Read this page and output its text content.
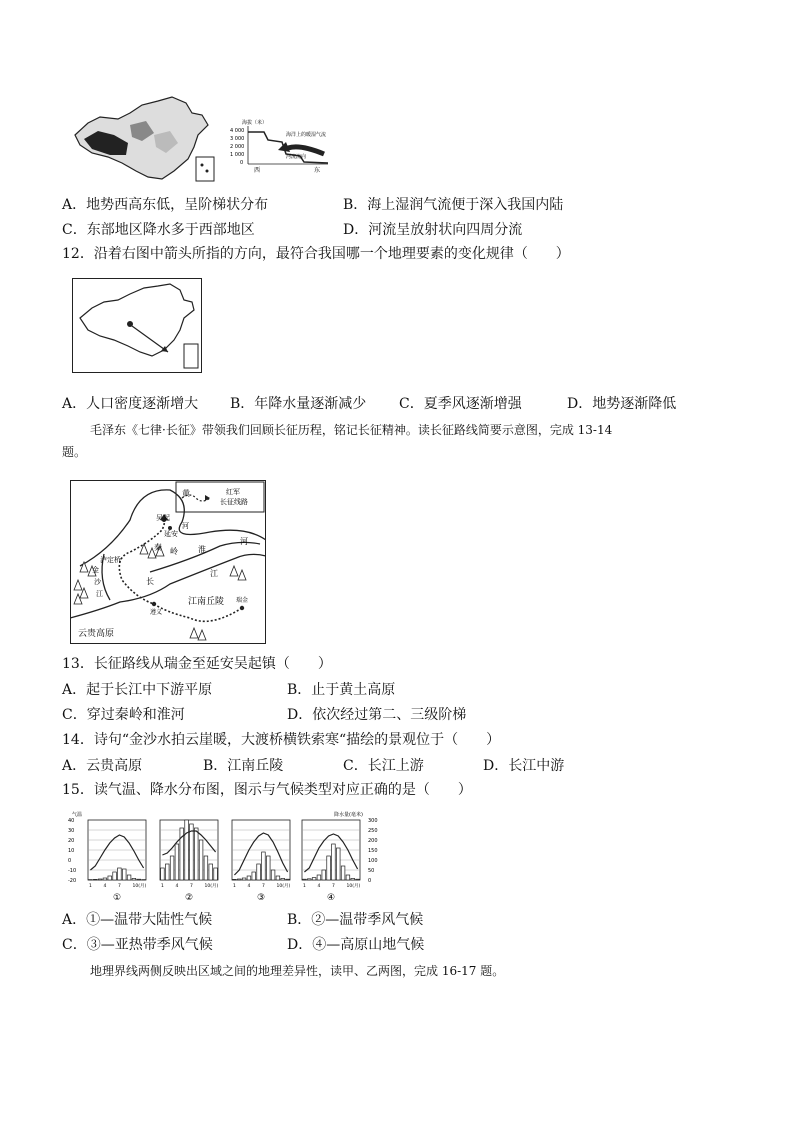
海拔（米）
4 000
3 000
2 000
1 000
0
海洋上的暖湿气流
河流流向
西	东
A．地势西高东低，呈阶梯状分布	B．海上湿润气流便于深入我国内陆
C．东部地区降水多于西部地区	D．河流呈放射状向四周分流
12．沿着右图中箭头所指的方向，最符合我国哪一个地理要素的变化规律（　　）
A．人口密度逐渐增大 B．年降水量逐渐减少 C．夏季风逐渐增强	D．地势逐渐降低
毛泽东《七律·长征》带领我们回顾长征历程，铭记长征精神。读长征路线简要示意图，完成 13-14
题。
红军
长征线路
黄
河
吴起
延安
秦 岭	淮
河
泸定桥
金
沙
江
长
江
江南丘陵
遵义
瑞金
云贵高原
13．长征路线从瑞金至延安吴起镇（　　）
A．起于长江中下游平原	B．止于黄土高原
C．穿过秦岭和淮河	D．依次经过第二、三级阶梯
14．诗句“金沙水拍云崖暖，大渡桥横铁索寒“描绘的景观位于（　　）
A．云贵高原	B．江南丘陵	C．长江上游	D．长江中游
15．读气温、降水分布图，图示与气候类型对应正确的是（　　）
气温	降水量(毫米)
40
30
20
10
0
-10
-20
300
250
200
150
100
50
0
1	4	7	10(月)
①
1	4	7	10(月)
②
1	4	7	10(月)
③
1	4	7	10(月)
④
A．①—温带大陆性气候	B．②—温带季风气候
C．③—亚热带季风气候	D．④—高原山地气候
地理界线两侧反映出区域之间的地理差异性，读甲、乙两图，完成 16-17 题。
